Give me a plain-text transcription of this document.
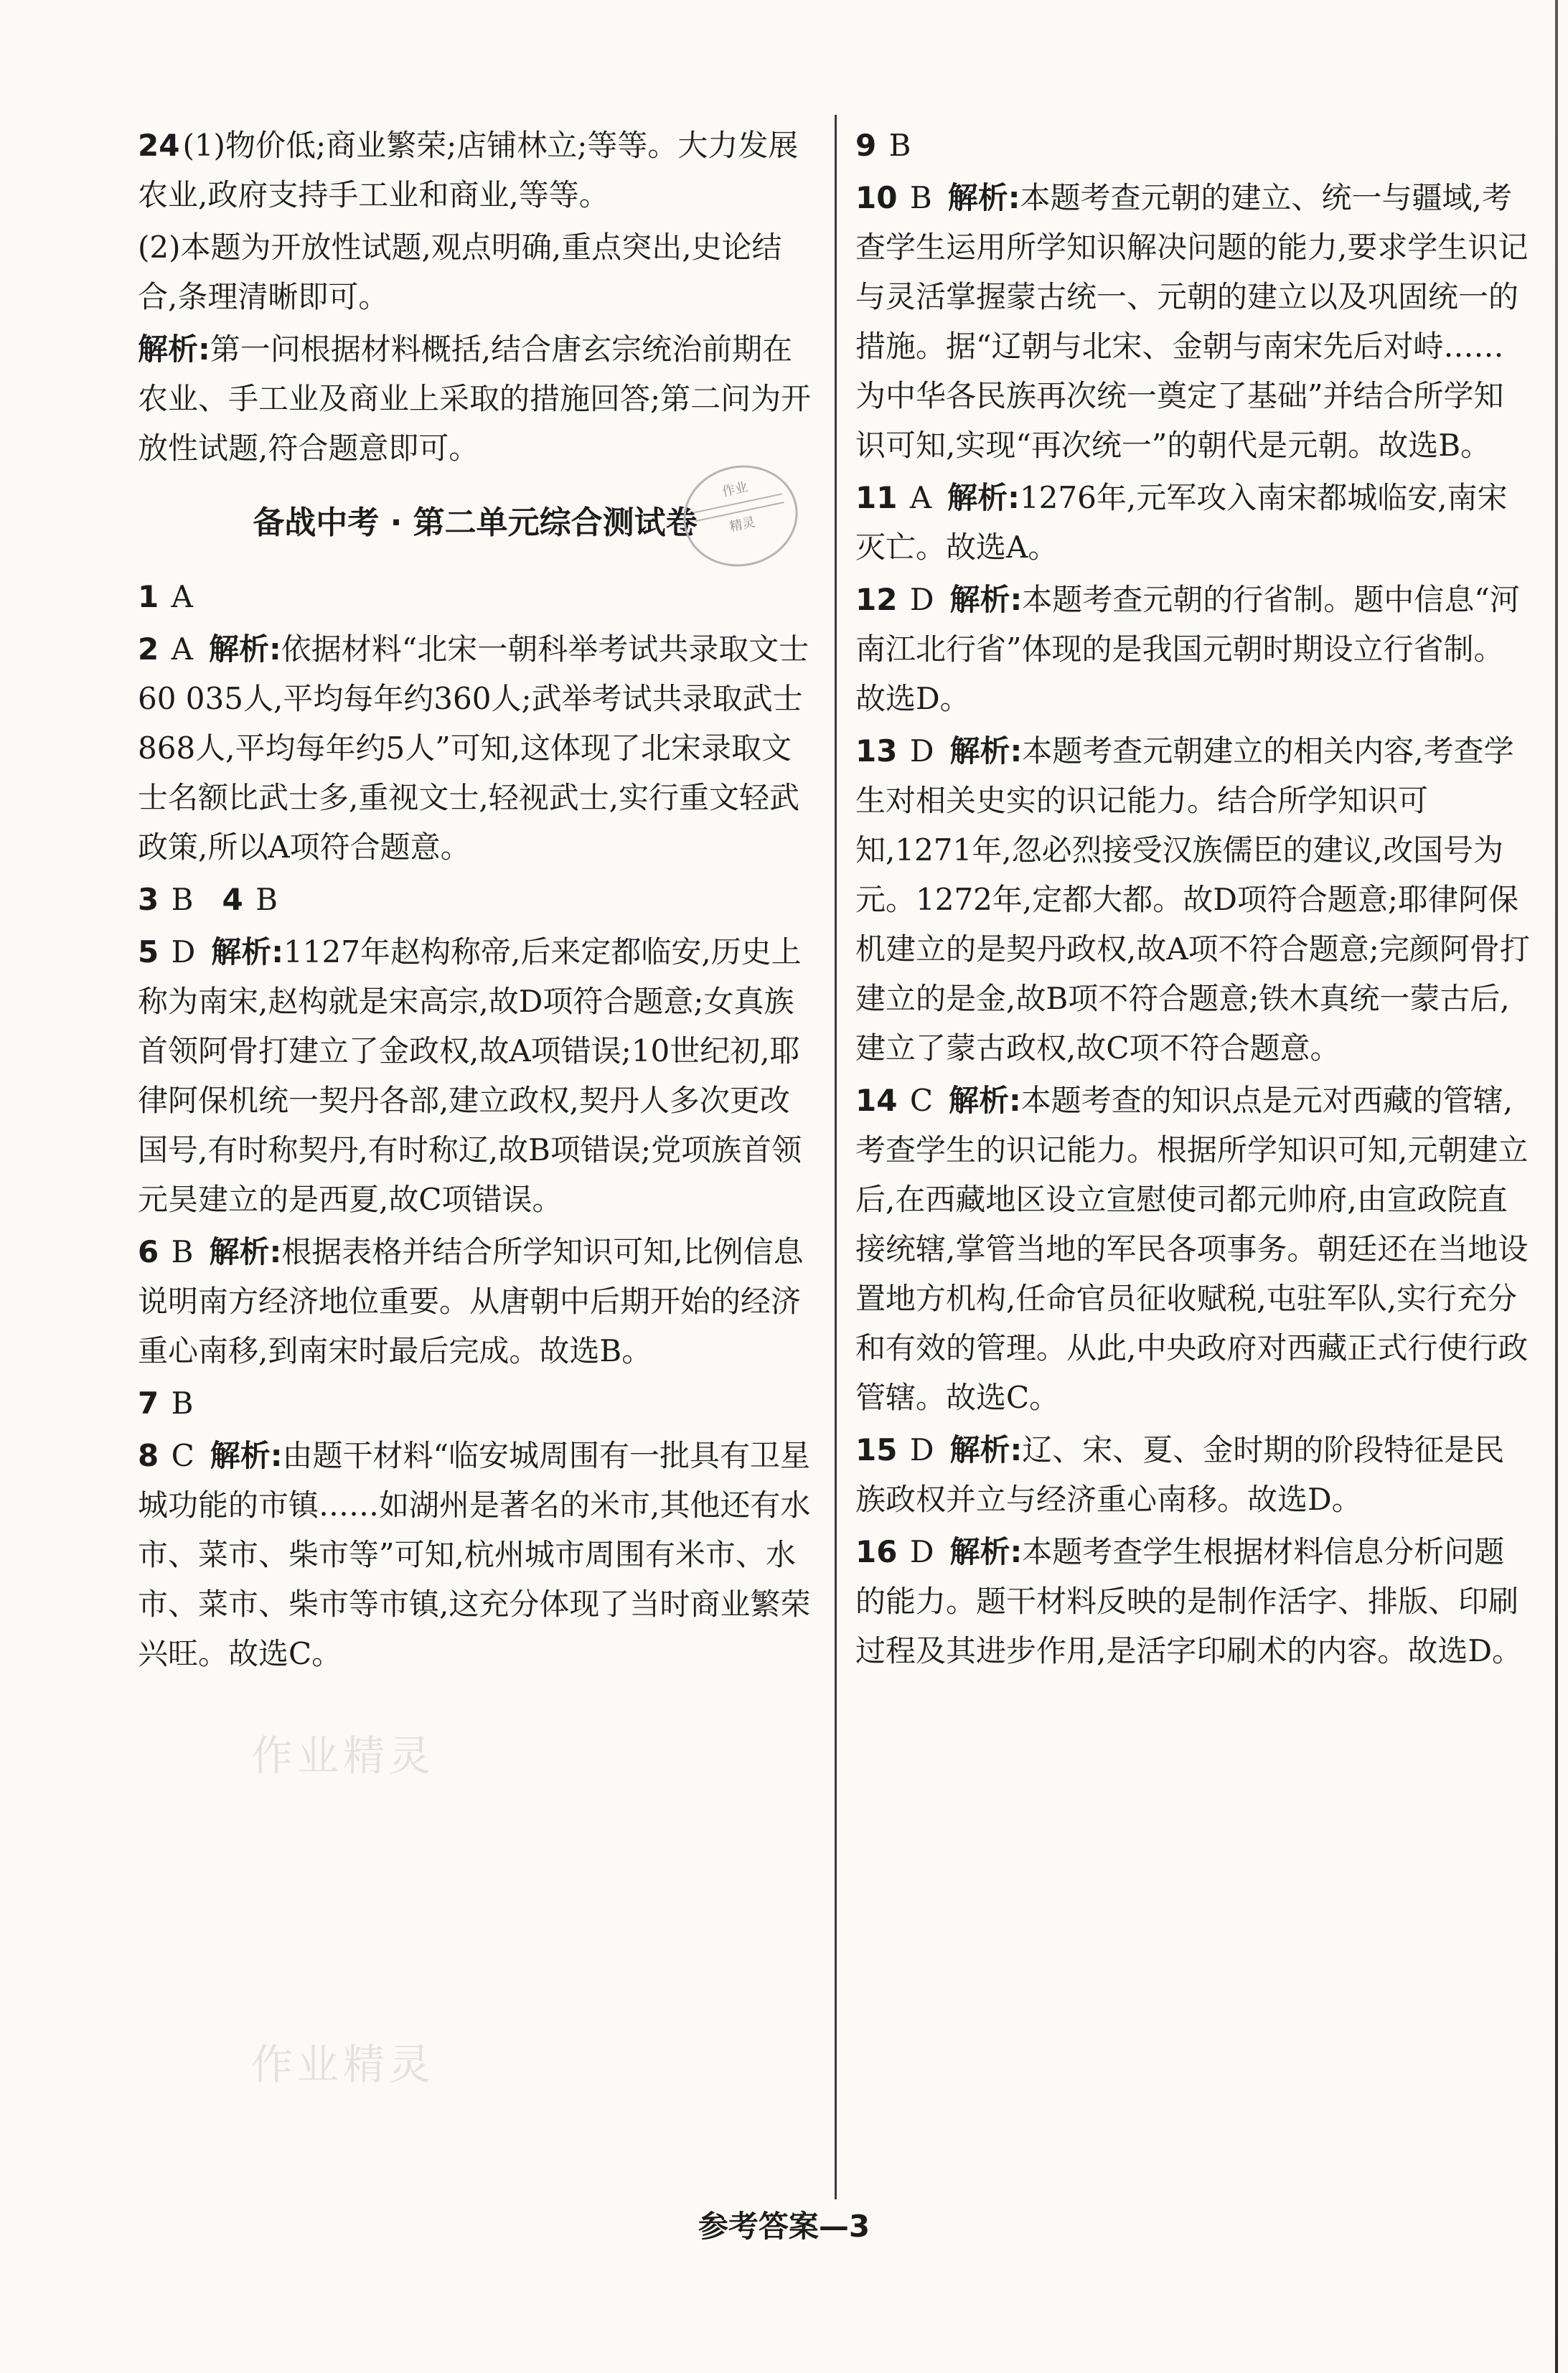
作业精灵
作业精灵
24(1)物价低;商业繁荣;店铺林立;等等。大力发展农业,政府支持手工业和商业,等等。
(2)本题为开放性试题,观点明确,重点突出,史论结合,条理清晰即可。
解析:第一问根据材料概括,结合唐玄宗统治前期在农业、手工业及商业上采取的措施回答;第二问为开放性试题,符合题意即可。
备战中考 · 第二单元综合测试卷
作业
精灵
1 A
2 A 解析:依据材料“北宋一朝科举考试共录取文士60 035人,平均每年约360人;武举考试共录取武士868人,平均每年约5人”可知,这体现了北宋录取文士名额比武士多,重视文士,轻视武士,实行重文轻武政策,所以A项符合题意。
3 B 4 B
5 D 解析:1127年赵构称帝,后来定都临安,历史上称为南宋,赵构就是宋高宗,故D项符合题意;女真族首领阿骨打建立了金政权,故A项错误;10世纪初,耶律阿保机统一契丹各部,建立政权,契丹人多次更改国号,有时称契丹,有时称辽,故B项错误;党项族首领元昊建立的是西夏,故C项错误。
6 B 解析:根据表格并结合所学知识可知,比例信息说明南方经济地位重要。从唐朝中后期开始的经济重心南移,到南宋时最后完成。故选B。
7 B
8 C 解析:由题干材料“临安城周围有一批具有卫星城功能的市镇……如湖州是著名的米市,其他还有水市、菜市、柴市等”可知,杭州城市周围有米市、水市、菜市、柴市等市镇,这充分体现了当时商业繁荣兴旺。故选C。
9 B
10 B 解析:本题考查元朝的建立、统一与疆域,考查学生运用所学知识解决问题的能力,要求学生识记与灵活掌握蒙古统一、元朝的建立以及巩固统一的措施。据“辽朝与北宋、金朝与南宋先后对峙……为中华各民族再次统一奠定了基础”并结合所学知识可知,实现“再次统一”的朝代是元朝。故选B。
11 A 解析:1276年,元军攻入南宋都城临安,南宋灭亡。故选A。
12 D 解析:本题考查元朝的行省制。题中信息“河南江北行省”体现的是我国元朝时期设立行省制。故选D。
13 D 解析:本题考查元朝建立的相关内容,考查学生对相关史实的识记能力。结合所学知识可知,1271年,忽必烈接受汉族儒臣的建议,改国号为元。1272年,定都大都。故D项符合题意;耶律阿保机建立的是契丹政权,故A项不符合题意;完颜阿骨打建立的是金,故B项不符合题意;铁木真统一蒙古后,建立了蒙古政权,故C项不符合题意。
14 C 解析:本题考查的知识点是元对西藏的管辖,考查学生的识记能力。根据所学知识可知,元朝建立后,在西藏地区设立宣慰使司都元帅府,由宣政院直接统辖,掌管当地的军民各项事务。朝廷还在当地设置地方机构,任命官员征收赋税,屯驻军队,实行充分和有效的管理。从此,中央政府对西藏正式行使行政管辖。故选C。
15 D 解析:辽、宋、夏、金时期的阶段特征是民族政权并立与经济重心南移。故选D。
16 D 解析:本题考查学生根据材料信息分析问题的能力。题干材料反映的是制作活字、排版、印刷过程及其进步作用,是活字印刷术的内容。故选D。
参考答案—3
